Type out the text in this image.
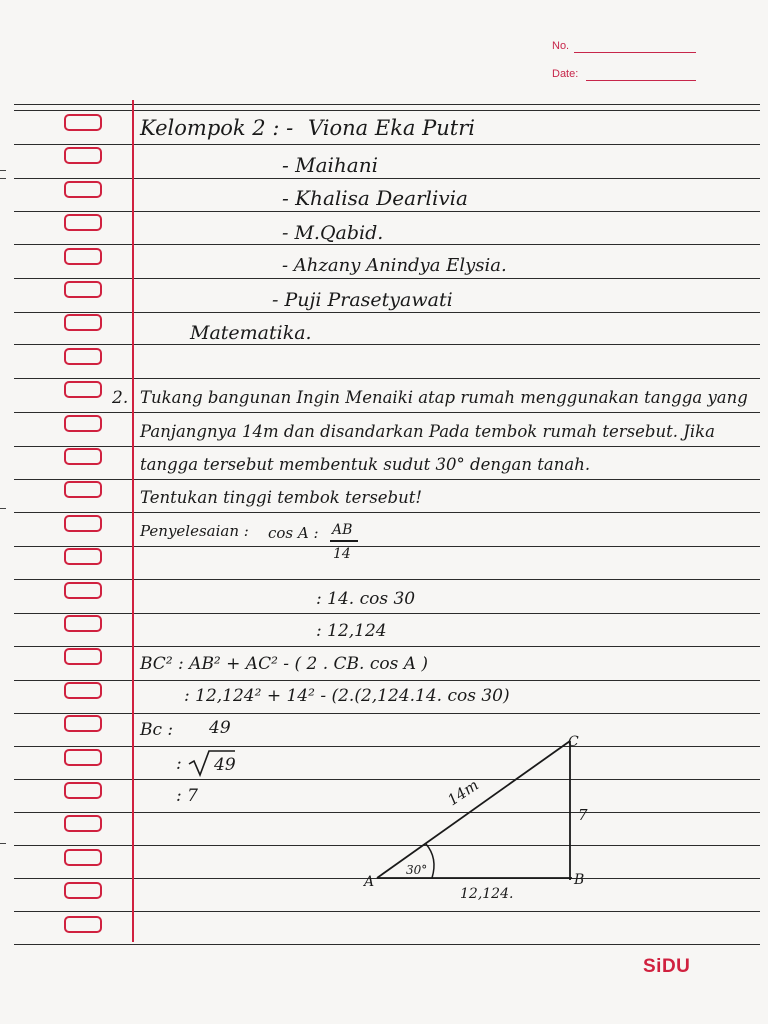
No.
Date:
Kelompok 2 : - Viona Eka Putri
- Maihani
- Khalisa Dearlivia
- M.Qabid.
- Ahzany Anindya Elysia.
- Puji Prasetyawati
Matematika.
2. Tukang bangunan Ingin Menaiki atap rumah menggunakan tangga yang
Panjangnya 14m dan disandarkan Pada tembok rumah tersebut. Jika
tangga tersebut membentuk sudut 30° dengan tanah.
Tentukan tinggi tembok tersebut!
Penyelesaian : cos A : AB
14
: 14. cos 30
: 12,124
BC² : AB² + AC² - ( 2 . CB. cos A )
: 12,124² + 14² - (2.(2,124.14. cos 30)
Bc : 49
: 49
: 7
A	B
C
14m
7
12,124.
30°
SiDU
